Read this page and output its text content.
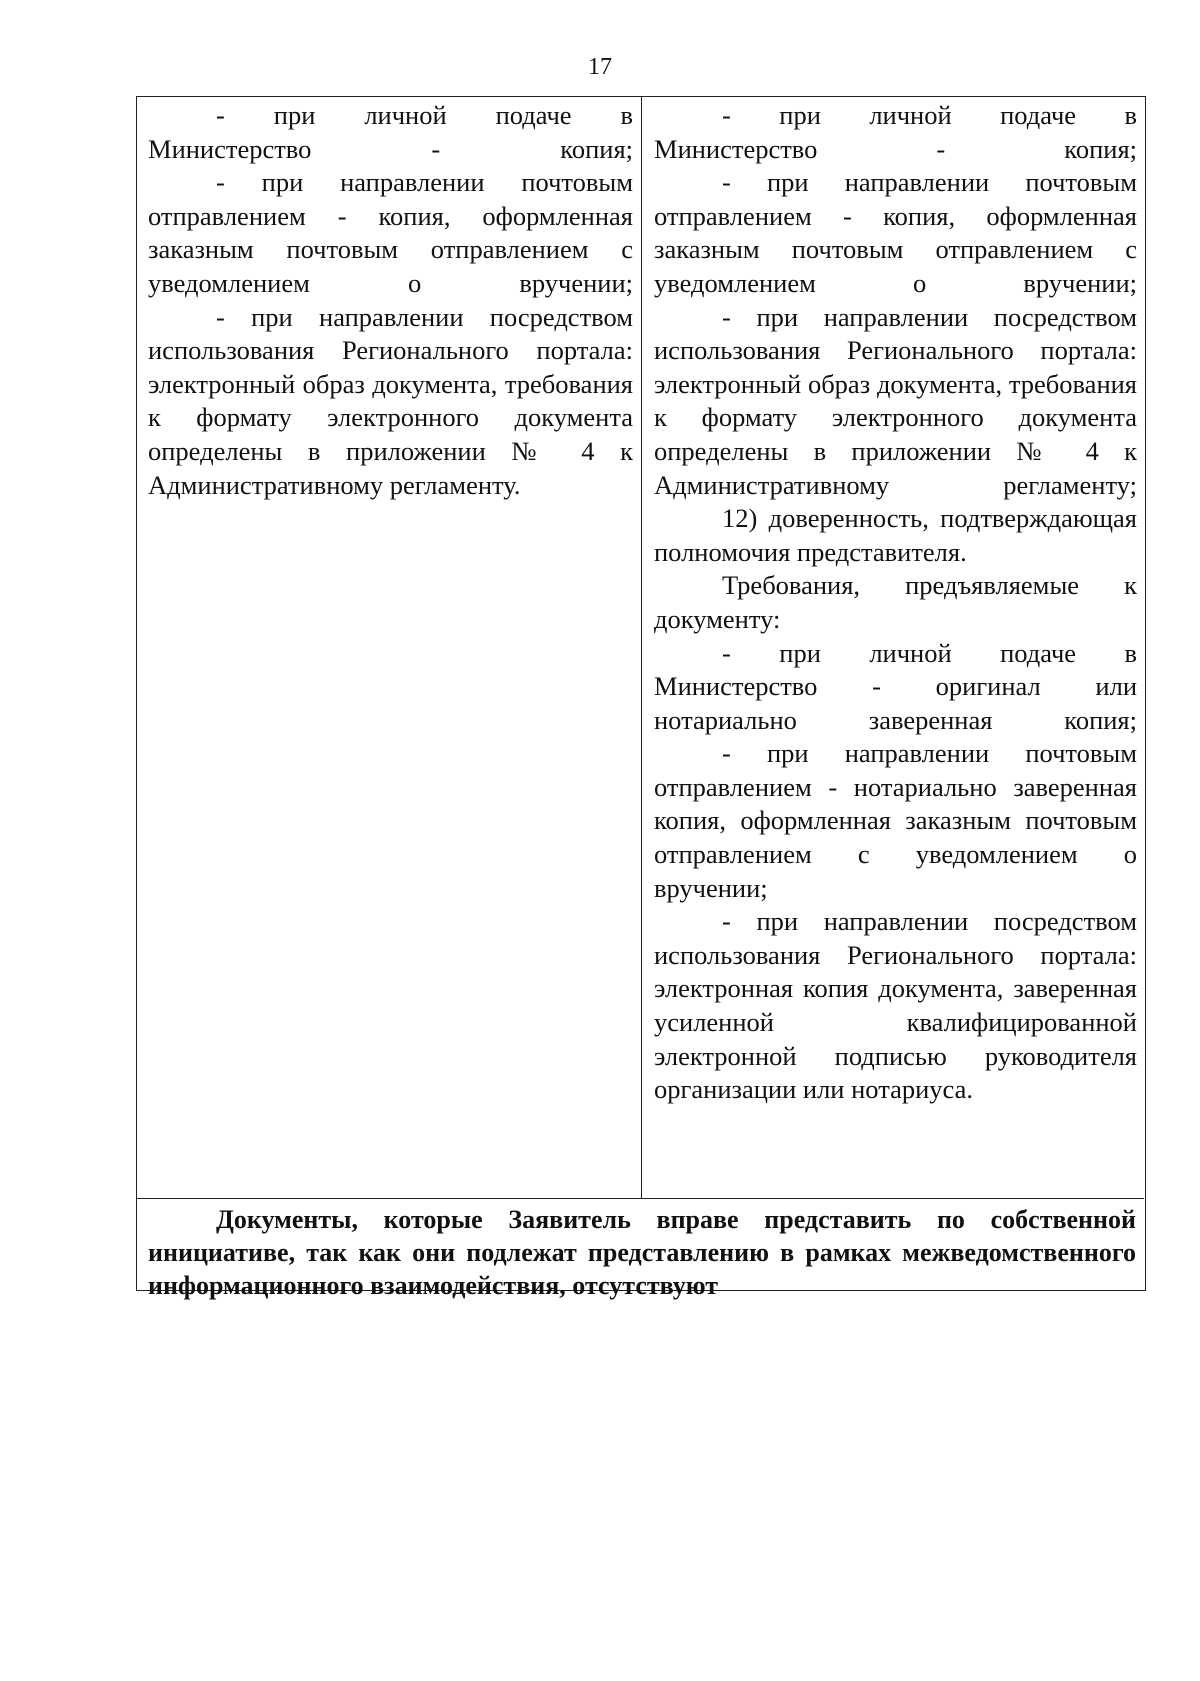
17

- при личной подаче в Министерство - копия;

- при направлении почтовым отправлением - копия, оформленная заказным почтовым отправлением с уведомлением о вручении;

- при направлении посредством использования Регионального портала: электронный образ документа, требования к формату электронного документа определены в приложении № 4 к Административному регламенту.

- при личной подаче в Министерство - копия;

- при направлении почтовым отправлением - копия, оформленная заказным почтовым отправлением с уведомлением о вручении;

- при направлении посредством использования Регионального портала: электронный образ документа, требования к формату электронного документа определены в приложении № 4 к Административному регламенту;

12) доверенность, подтверждающая полномочия представителя.

Требования, предъявляемые к документу:

- при личной подаче в Министерство - оригинал или нотариально заверенная копия;

- при направлении почтовым отправлением - нотариально заверенная копия, оформленная заказным почтовым отправлением с уведомлением о вручении;

- при направлении посредством использования Регионального портала: электронная копия документа, заверенная усиленной квалифицированной электронной подписью руководителя организации или нотариуса.

Документы, которые Заявитель вправе представить по собственной инициативе, так как они подлежат представлению в рамках межведомственного информационного взаимодействия, отсутствуют
